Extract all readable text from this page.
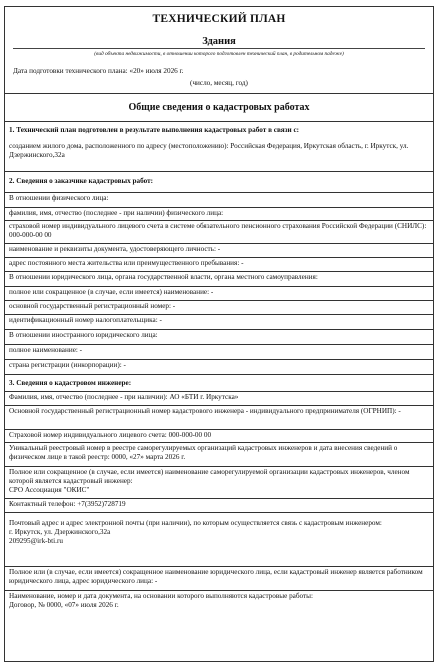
ТЕХНИЧЕСКИЙ ПЛАН
Здания
(вид объекта недвижимости, в отношении которого подготовлен технический план, в родительном падеже)
Дата подготовки технического плана: «20» июля 2026 г.
(число, месяц, год)
Общие сведения о кадастровых работах
1. Технический план подготовлен в результате выполнения кадастровых работ в связи с:
созданием жилого дома, расположенного по адресу (местоположению): Российская Федерация, Иркутская область, г. Иркутск, ул. Дзержинского,32а
2. Сведения о заказчике кадастровых работ:
В отношении физического лица:
фамилия, имя, отчество (последнее - при наличии) физического лица:
страховой номер индивидуального лицевого счета в системе обязательного пенсионного страхования Российской Федерации (СНИЛС): 000-000-00 00
наименование и реквизиты документа, удостоверяющего личность: -
адрес постоянного места жительства или преимущественного пребывания: -
В отношении юридического лица, органа государственной власти, органа местного самоуправления:
полное или сокращенное (в случае, если имеется) наименование: -
основной государственный регистрационный номер: -
идентификационный номер налогоплательщика: -
В отношении иностранного юридического лица:
полное наименование: -
страна регистрации (инкорпорации): -
3. Сведения о кадастровом инженере:
Фамилия, имя, отчество (последнее - при наличии): АО «БТИ г. Иркутска»
Основной государственный регистрационный номер кадастрового инженера - индивидуального предпринимателя (ОГРНИП): -
Страховой номер индивидуального лицевого счета: 000-000-00 00
Уникальный реестровый номер в реестре саморегулируемых организаций кадастровых инженеров и дата внесения сведений о физическом лице в такой реестр: 0000, «27» марта 2026 г.
Полное или сокращенное (в случае, если имеется) наименование саморегулируемой организации кадастровых инженеров, членом которой является кадастровый инженер:
СРО Ассоциация "ОКИС"
Контактный телефон: +7(3952)728719
Почтовый адрес и адрес электронной почты (при наличии), по которым осуществляется связь с кадастровым инженером:
г. Иркутск, ул. Дзержинского,32а
209295@irk-bti.ru
Полное или (в случае, если имеется) сокращенное наименование юридического лица, если кадастровый инженер является работником юридического лица, адрес юридического лица: -
Наименование, номер и дата документа, на основании которого выполняются кадастровые работы:
Договор, № 0000, «07» июля 2026 г.
